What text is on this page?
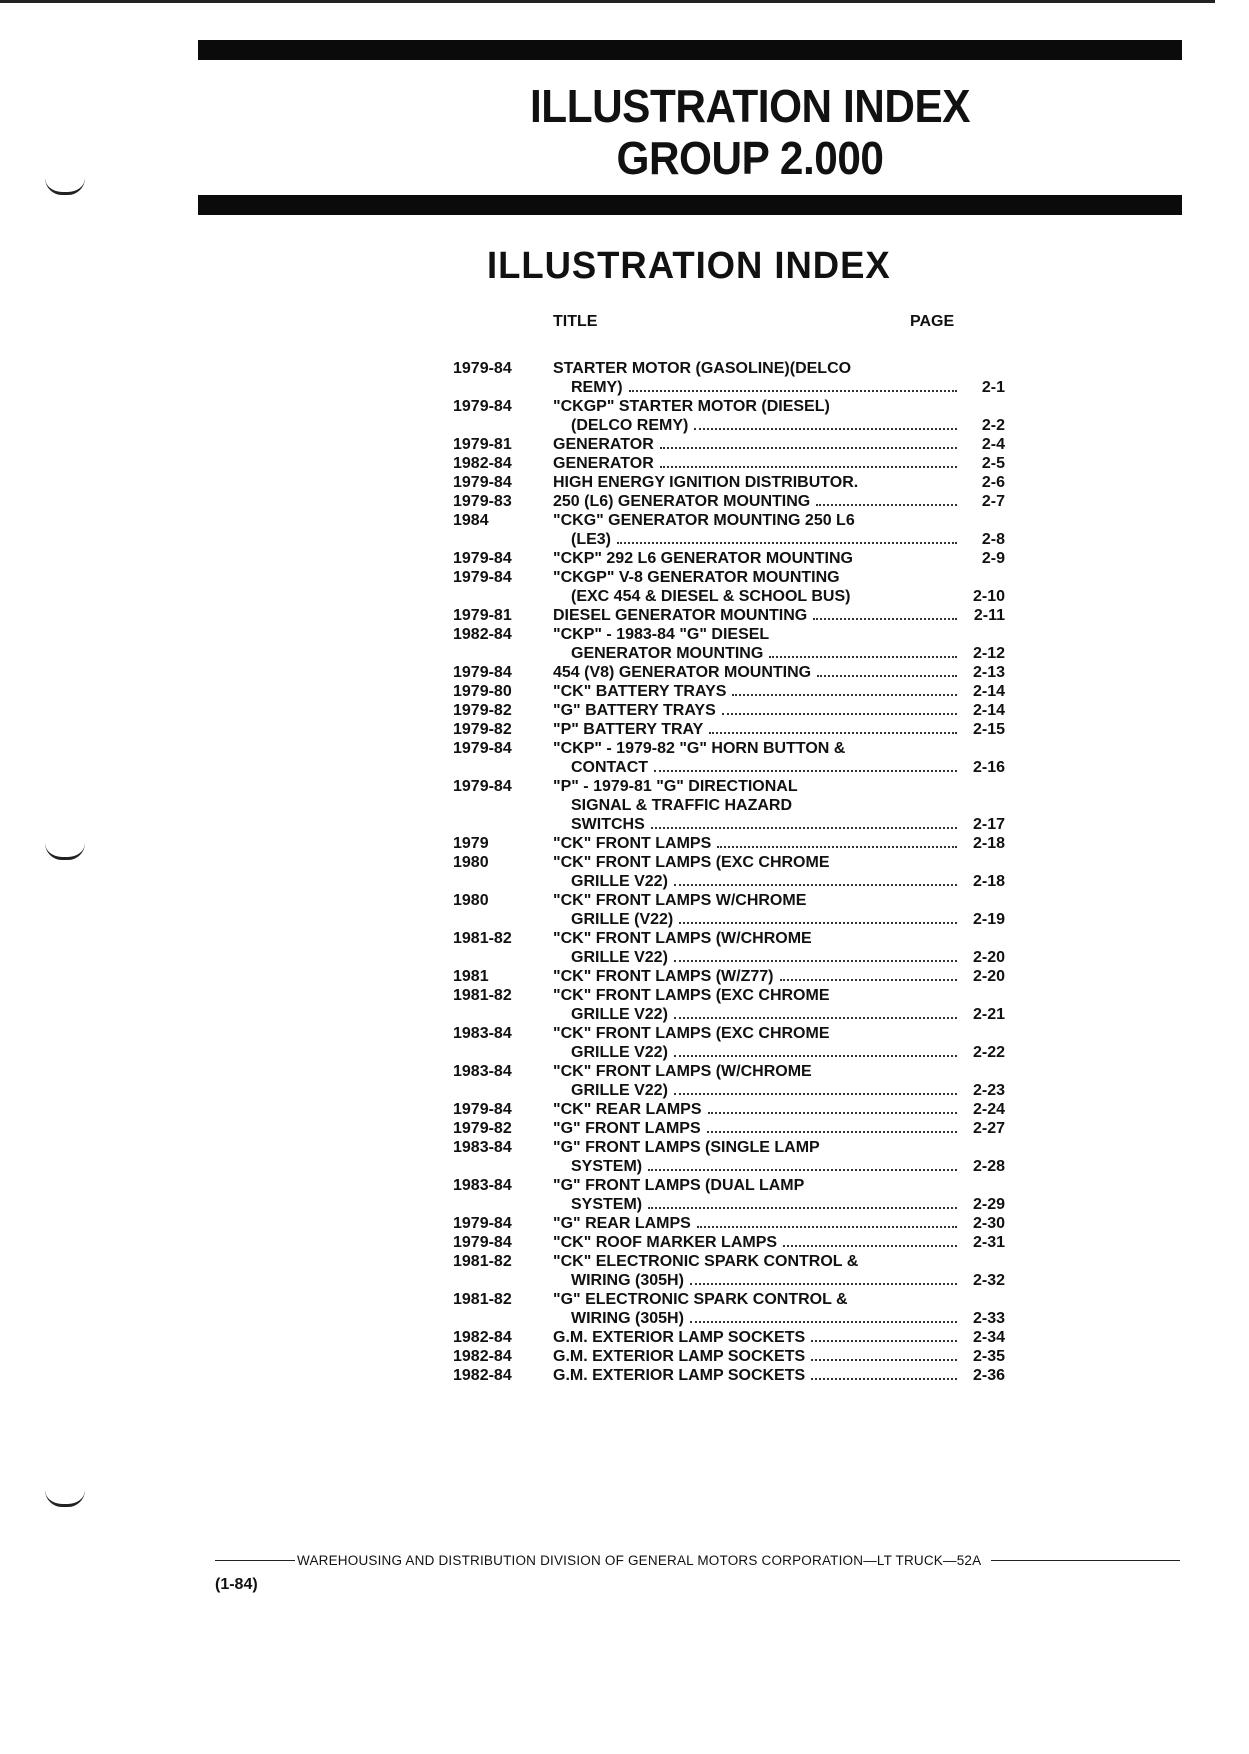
ILLUSTRATION INDEX
GROUP 2.000
ILLUSTRATION INDEX
TITLE	PAGE
1979-84	STARTER MOTOR (GASOLINE)(DELCO
REMY)	2-1
1979-84	"CKGP" STARTER MOTOR (DIESEL)
(DELCO REMY)	2-2
1979-81	GENERATOR	2-4
1982-84	GENERATOR	2-5
1979-84	HIGH ENERGY IGNITION DISTRIBUTOR.	2-6
1979-83	250 (L6) GENERATOR MOUNTING	2-7
1984	"CKG" GENERATOR MOUNTING 250 L6
(LE3)	2-8
1979-84	"CKP" 292 L6 GENERATOR MOUNTING	2-9
1979-84	"CKGP" V-8 GENERATOR MOUNTING
(EXC 454 & DIESEL & SCHOOL BUS)	2-10
1979-81	DIESEL GENERATOR MOUNTING	2-11
1982-84	"CKP" - 1983-84 "G" DIESEL
GENERATOR MOUNTING	2-12
1979-84	454 (V8) GENERATOR MOUNTING	2-13
1979-80	"CK" BATTERY TRAYS	2-14
1979-82	"G" BATTERY TRAYS	2-14
1979-82	"P" BATTERY TRAY	2-15
1979-84	"CKP" - 1979-82 "G" HORN BUTTON &
CONTACT	2-16
1979-84	"P" - 1979-81 "G" DIRECTIONAL
SIGNAL & TRAFFIC HAZARD
SWITCHS	2-17
1979	"CK" FRONT LAMPS	2-18
1980	"CK" FRONT LAMPS (EXC CHROME
GRILLE V22)	2-18
1980	"CK" FRONT LAMPS W/CHROME
GRILLE (V22)	2-19
1981-82	"CK" FRONT LAMPS (W/CHROME
GRILLE V22)	2-20
1981	"CK" FRONT LAMPS (W/Z77)	2-20
1981-82	"CK" FRONT LAMPS (EXC CHROME
GRILLE V22)	2-21
1983-84	"CK" FRONT LAMPS (EXC CHROME
GRILLE V22)	2-22
1983-84	"CK" FRONT LAMPS (W/CHROME
GRILLE V22)	2-23
1979-84	"CK" REAR LAMPS	2-24
1979-82	"G" FRONT LAMPS	2-27
1983-84	"G" FRONT LAMPS (SINGLE LAMP
SYSTEM)	2-28
1983-84	"G" FRONT LAMPS (DUAL LAMP
SYSTEM)	2-29
1979-84	"G" REAR LAMPS	2-30
1979-84	"CK" ROOF MARKER LAMPS	2-31
1981-82	"CK" ELECTRONIC SPARK CONTROL &
WIRING (305H)	2-32
1981-82	"G" ELECTRONIC SPARK CONTROL &
WIRING (305H)	2-33
1982-84	G.M. EXTERIOR LAMP SOCKETS	2-34
1982-84	G.M. EXTERIOR LAMP SOCKETS	2-35
1982-84	G.M. EXTERIOR LAMP SOCKETS	2-36
WAREHOUSING AND DISTRIBUTION DIVISION OF GENERAL MOTORS CORPORATION—LT TRUCK—52A
(1-84)
